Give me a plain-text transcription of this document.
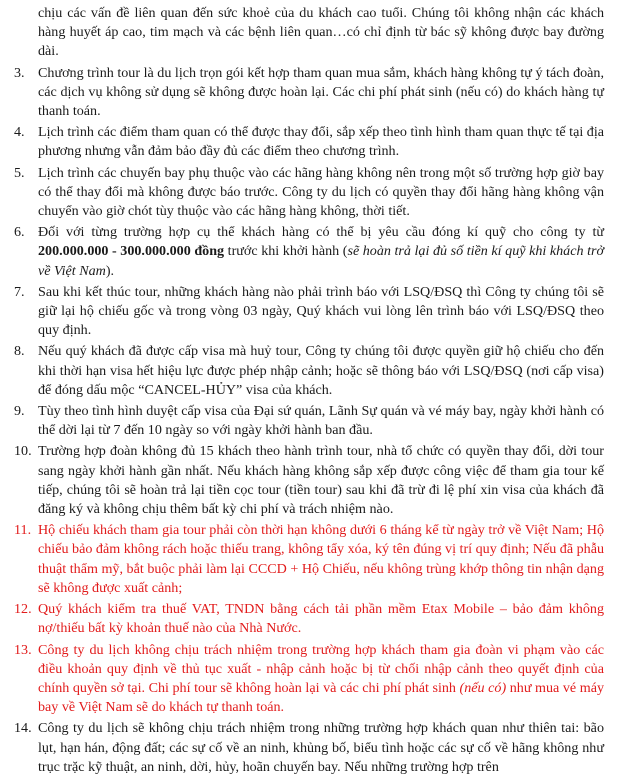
chịu các vấn đề liên quan đến sức khoẻ của du khách cao tuổi. Chúng tôi không nhận các khách hàng huyết áp cao, tim mạch và các bệnh liên quan…có chỉ định từ bác sỹ không được bay đường dài.
3. Chương trình tour là du lịch trọn gói kết hợp tham quan mua sắm, khách hàng không tự ý tách đoàn, các dịch vụ không sử dụng sẽ không được hoàn lại. Các chi phí phát sinh (nếu có) do khách hàng tự thanh toán.
4. Lịch trình các điểm tham quan có thể được thay đổi, sắp xếp theo tình hình tham quan thực tế tại địa phương nhưng vẫn đảm bảo đầy đủ các điểm theo chương trình.
5. Lịch trình các chuyến bay phụ thuộc vào các hãng hàng không nên trong một số trường hợp giờ bay có thể thay đổi mà không được báo trước. Công ty du lịch có quyền thay đổi hãng hàng không vận chuyển vào giờ chót tùy thuộc vào các hãng hàng không, thời tiết.
6. Đối với từng trường hợp cụ thể khách hàng có thể bị yêu cầu đóng kí quỹ cho công ty từ 200.000.000 - 300.000.000 đồng trước khi khởi hành (sẽ hoàn trả lại đủ số tiền kí quỹ khi khách trở về Việt Nam).
7. Sau khi kết thúc tour, những khách hàng nào phải trình báo với LSQ/ĐSQ thì Công ty chúng tôi sẽ giữ lại hộ chiếu gốc và trong vòng 03 ngày, Quý khách vui lòng lên trình báo với LSQ/ĐSQ theo quy định.
8. Nếu quý khách đã được cấp visa mà huỷ tour, Công ty chúng tôi được quyền giữ hộ chiếu cho đến khi thời hạn visa hết hiệu lực được phép nhập cảnh; hoặc sẽ thông báo với LSQ/ĐSQ (nơi cấp visa) để đóng dấu mộc “CANCEL-HỦY” visa của khách.
9. Tùy theo tình hình duyệt cấp visa của Đại sứ quán, Lãnh Sự quán và vé máy bay, ngày khởi hành có thể dời lại từ 7 đến 10 ngày so với ngày khởi hành ban đầu.
10. Trường hợp đoàn không đủ 15 khách theo hành trình tour, nhà tổ chức có quyền thay đổi, dời tour sang ngày khởi hành gần nhất. Nếu khách hàng không sắp xếp được công việc để tham gia tour kế tiếp, chúng tôi sẽ hoàn trả lại tiền cọc tour (tiền tour) sau khi đã trừ đi lệ phí xin visa của khách đã đăng ký và không chịu thêm bất kỳ chi phí và trách nhiệm nào.
11. Hộ chiếu khách tham gia tour phải còn thời hạn không dưới 6 tháng kể từ ngày trở về Việt Nam; Hộ chiếu bảo đảm không rách hoặc thiếu trang, không tẩy xóa, ký tên đúng vị trí quy định; Nếu đã phẫu thuật thẩm mỹ, bắt buộc phải làm lại CCCD + Hộ Chiếu, nếu không trùng khớp thông tin nhận dạng sẽ không được xuất cảnh;
12. Quý khách kiểm tra thuế VAT, TNDN bằng cách tải phần mềm Etax Mobile – bảo đảm không nợ/thiếu bất kỳ khoản thuế nào của Nhà Nước.
13. Công ty du lịch không chịu trách nhiệm trong trường hợp khách tham gia đoàn vi phạm vào các điều khoản quy định về thủ tục xuất - nhập cảnh hoặc bị từ chối nhập cảnh theo quyết định của chính quyền sở tại. Chi phí tour sẽ không hoàn lại và các chi phí phát sinh (nếu có) như mua vé máy bay về Việt Nam sẽ do khách tự thanh toán.
14. Công ty du lịch sẽ không chịu trách nhiệm trong những trường hợp khách quan như thiên tai: bão lụt, hạn hán, động đất; các sự cố về an ninh, khủng bố, biểu tình hoặc các sự cố về hãng không như trục trặc kỹ thuật, an ninh, dời, hủy, hoãn chuyến bay. Nếu những trường hợp trên
